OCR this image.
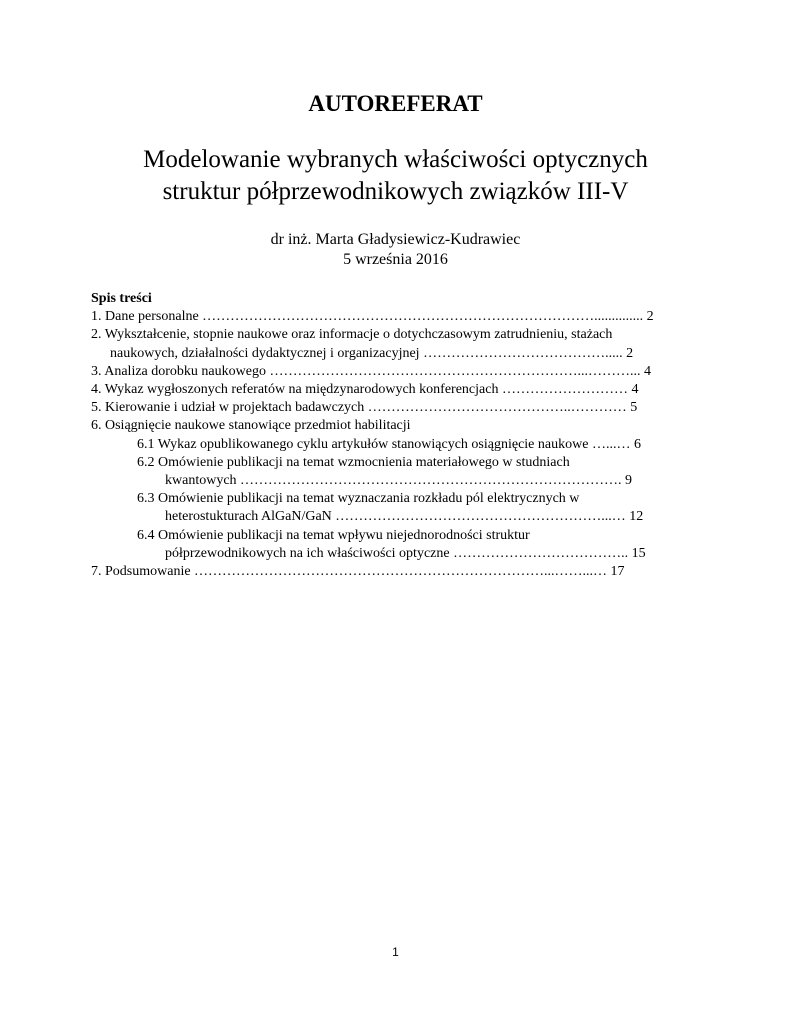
AUTOREFERAT
Modelowanie wybranych właściwości optycznych
struktur półprzewodnikowych związków III-V
dr inż. Marta Gładysiewicz-Kudrawiec
5 września 2016
Spis treści
1. Dane personalne ………………………………………………………………………….............. 2
2. Wykształcenie, stopnie naukowe oraz informacje o dotychczasowym zatrudnieniu, stażach
naukowych, działalności dydaktycznej i organizacyjnej …………………………………..... 2
3. Analiza dorobku naukowego …………………………………………………………...………... 4
4. Wykaz wygłoszonych referatów na międzynarodowych konferencjach ……………………… 4
5. Kierowanie i udział w projektach badawczych ……………………………………..………… 5
6. Osiągnięcie naukowe stanowiące przedmiot habilitacji
6.1 Wykaz opublikowanego cyklu artykułów stanowiących osiągnięcie naukowe …...… 6
6.2 Omówienie publikacji na temat wzmocnienia materiałowego w studniach
kwantowych ………………………………………………………………………. 9
6.3 Omówienie publikacji na temat wyznaczania rozkładu pól elektrycznych w
heterostukturach AlGaN/GaN …………………………………………………...… 12
6.4 Omówienie publikacji na temat wpływu niejednorodności struktur
półprzewodnikowych na ich właściwości optyczne ……………………………….. 15
7. Podsumowanie …………………………………………………………………...……...… 17
1
